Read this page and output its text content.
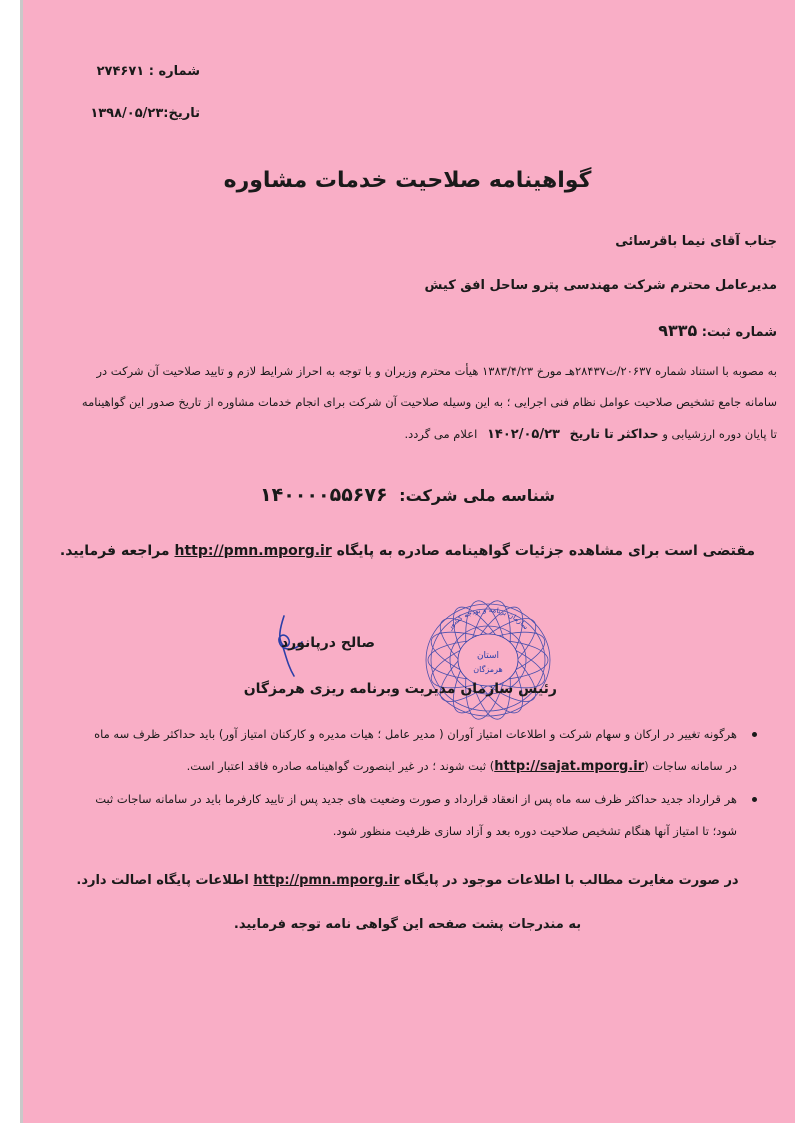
شماره : ۲۷۴۶۷۱
تاریخ:۱۳۹۸/۰۵/۲۳
گواهینامه صلاحیت خدمات مشاوره
جناب آقای نیما باقرسائی
مدیرعامل محترم شرکت مهندسی پترو ساحل افق کیش
شماره ثبت: ۹۳۳۵
به مصوبه با استناد شماره ۲۰۶۳۷/ت۲۸۴۳۷هـ مورخ ۱۳۸۳/۴/۲۳ هیأت محترم وزیران و با توجه به احراز شرایط لازم و تایید صلاحیت آن شرکت در
سامانه جامع تشخیص صلاحیت عوامل نظام فنی اجرایی ؛ به این وسیله صلاحیت آن شرکت برای انجام خدمات مشاوره از تاریخ صدور این گواهینامه
تا پایان دوره ارزشیابی و حداکثر تا تاریخ ۱۴۰۲/۰۵/۲۳ اعلام می گردد.
شناسه ملی شرکت: ۱۴۰۰۰۰۵۵۶۷۶
مقتضی است برای مشاهده جزئیات گواهینامه صادره به پایگاه http://pmn.mporg.ir مراجعه فرمایید.
سازمان برنامه و بودجه کشور
استان
هرمزگان
صالح درپانورد
رئیس سازمان مدیریت وبرنامه ریزی هرمزگان
هرگونه تغییر در ارکان و سهام شرکت و اطلاعات امتیاز آوران ( مدیر عامل ؛ هیات مدیره و کارکنان امتیاز آور) باید حداکثر ظرف سه ماه
در سامانه ساجات (http://sajat.mporg.ir) ثبت شوند ؛ در غیر اینصورت گواهینامه صادره فاقد اعتبار است.
هر قرارداد جدید حداکثر ظرف سه ماه پس از انعقاد قرارداد و صورت وضعیت های جدید پس از تایید کارفرما باید در سامانه ساجات ثبت
شود؛ تا امتیاز آنها هنگام تشخیص صلاحیت دوره بعد و آزاد سازی ظرفیت منظور شود.
در صورت مغایرت مطالب با اطلاعات موجود در پایگاه http://pmn.mporg.ir اطلاعات پایگاه اصالت دارد.
به مندرجات پشت صفحه این گواهی نامه توجه فرمایید.
